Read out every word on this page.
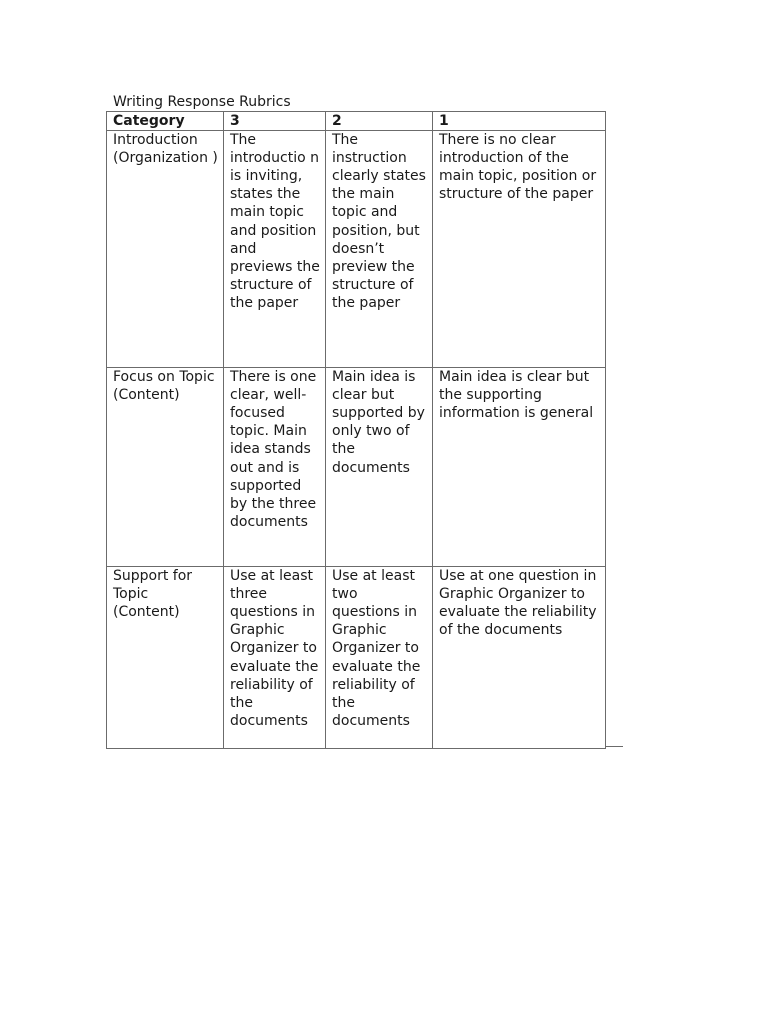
Writing Response Rubrics
Category	3	2	1
Introduction (Organization )	The introductio n is inviting, states the main topic and position and previews the structure of the paper	The instruction clearly states the main topic and position, but doesn’t preview the structure of the paper	There is no clear introduction of the main topic, position or structure of the paper
Focus on Topic (Content)	There is one clear, well-focused topic. Main idea stands out and is supported by the three documents	Main idea is clear but supported by only two of the documents	Main idea is clear but the supporting information is general
Support for Topic (Content)	Use at least three questions in Graphic Organizer to evaluate the reliability of the documents	Use at least two questions in Graphic Organizer to evaluate the reliability of the documents	Use at one question in Graphic Organizer to evaluate the reliability of the documents
